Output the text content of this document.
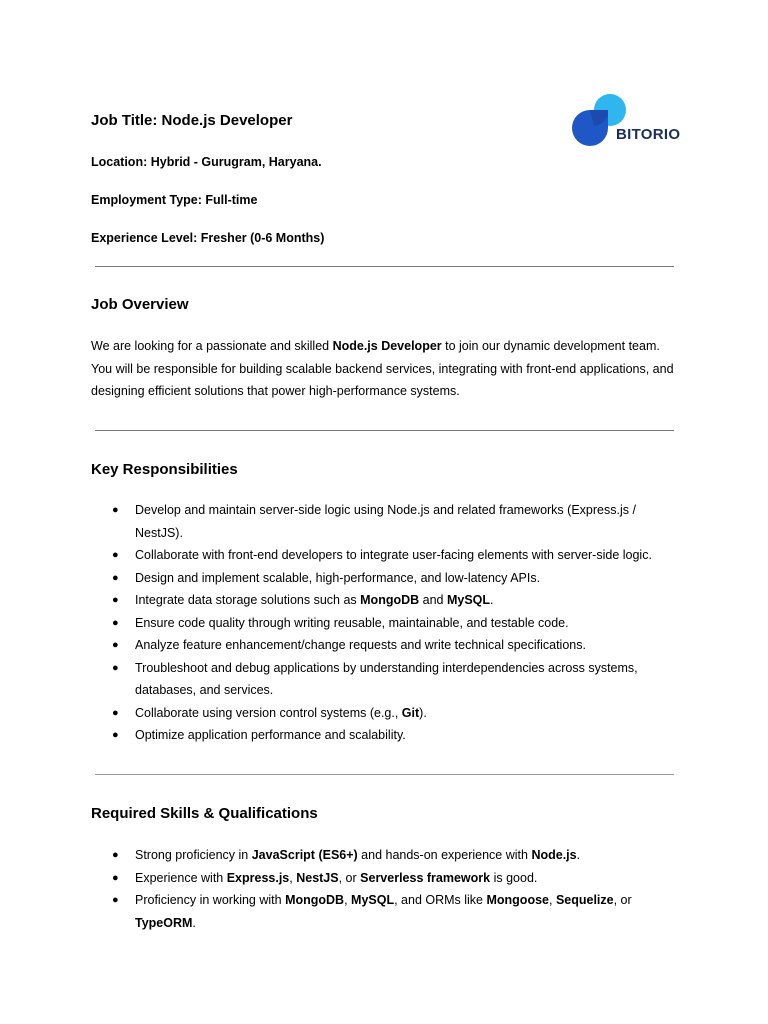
Job Title: Node.js Developer
Location: Hybrid - Gurugram, Haryana.
Employment Type: Full-time
Experience Level: Fresher (0-6 Months)
BITORIO
Job Overview

We are looking for a passionate and skilled Node.js Developer to join our dynamic development team.
You will be responsible for building scalable backend services, integrating with front-end applications, and designing efficient solutions that power high-performance systems.

Key Responsibilities
● Develop and maintain server-side logic using Node.js and related frameworks (Express.js / NestJS).
● Collaborate with front-end developers to integrate user-facing elements with server-side logic.
● Design and implement scalable, high-performance, and low-latency APIs.
● Integrate data storage solutions such as MongoDB and MySQL.
● Ensure code quality through writing reusable, maintainable, and testable code.
● Analyze feature enhancement/change requests and write technical specifications.
● Troubleshoot and debug applications by understanding interdependencies across systems, databases, and services.
● Collaborate using version control systems (e.g., Git).
● Optimize application performance and scalability.
Required Skills & Qualifications
● Strong proficiency in JavaScript (ES6+) and hands-on experience with Node.js.
● Experience with Express.js, NestJS, or Serverless framework is good.
● Proficiency in working with MongoDB, MySQL, and ORMs like Mongoose, Sequelize, or TypeORM.
